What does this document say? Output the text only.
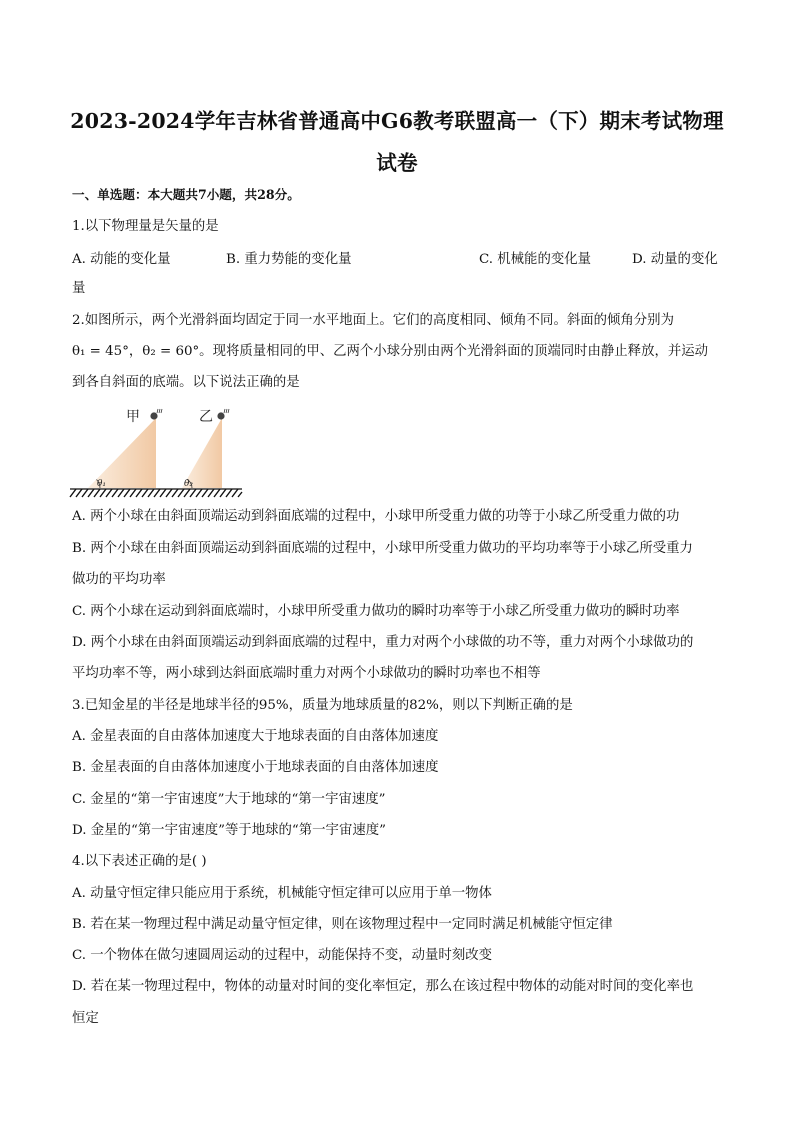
2023-2024学年吉林省普通高中G6教考联盟高一（下）期末考试物理
试卷
一、单选题：本大题共7小题，共28分。
1.以下物理量是矢量的是
A. 动能的变化量	B. 重力势能的变化量	C. 机械能的变化量	D. 动量的变化
量
2.如图所示，两个光滑斜面均固定于同一水平地面上。它们的高度相同、倾角不同。斜面的倾角分别为
θ₁ = 45°，θ₂ = 60°。现将质量相同的甲、乙两个小球分别由两个光滑斜面的顶端同时由静止释放，并运动
到各自斜面的底端。以下说法正确的是
甲	乙
θ₁	θ₂
A. 两个小球在由斜面顶端运动到斜面底端的过程中，小球甲所受重力做的功等于小球乙所受重力做的功
B. 两个小球在由斜面顶端运动到斜面底端的过程中，小球甲所受重力做功的平均功率等于小球乙所受重力
做功的平均功率
C. 两个小球在运动到斜面底端时，小球甲所受重力做功的瞬时功率等于小球乙所受重力做功的瞬时功率
D. 两个小球在由斜面顶端运动到斜面底端的过程中，重力对两个小球做的功不等，重力对两个小球做功的
平均功率不等，两小球到达斜面底端时重力对两个小球做功的瞬时功率也不相等
3.已知金星的半径是地球半径的95%，质量为地球质量的82%，则以下判断正确的是
A. 金星表面的自由落体加速度大于地球表面的自由落体加速度
B. 金星表面的自由落体加速度小于地球表面的自由落体加速度
C. 金星的“第一宇宙速度”大于地球的“第一宇宙速度”
D. 金星的“第一宇宙速度”等于地球的“第一宇宙速度”
4.以下表述正确的是( )
A. 动量守恒定律只能应用于系统，机械能守恒定律可以应用于单一物体
B. 若在某一物理过程中满足动量守恒定律，则在该物理过程中一定同时满足机械能守恒定律
C. 一个物体在做匀速圆周运动的过程中，动能保持不变，动量时刻改变
D. 若在某一物理过程中，物体的动量对时间的变化率恒定，那么在该过程中物体的动能对时间的变化率也
恒定
